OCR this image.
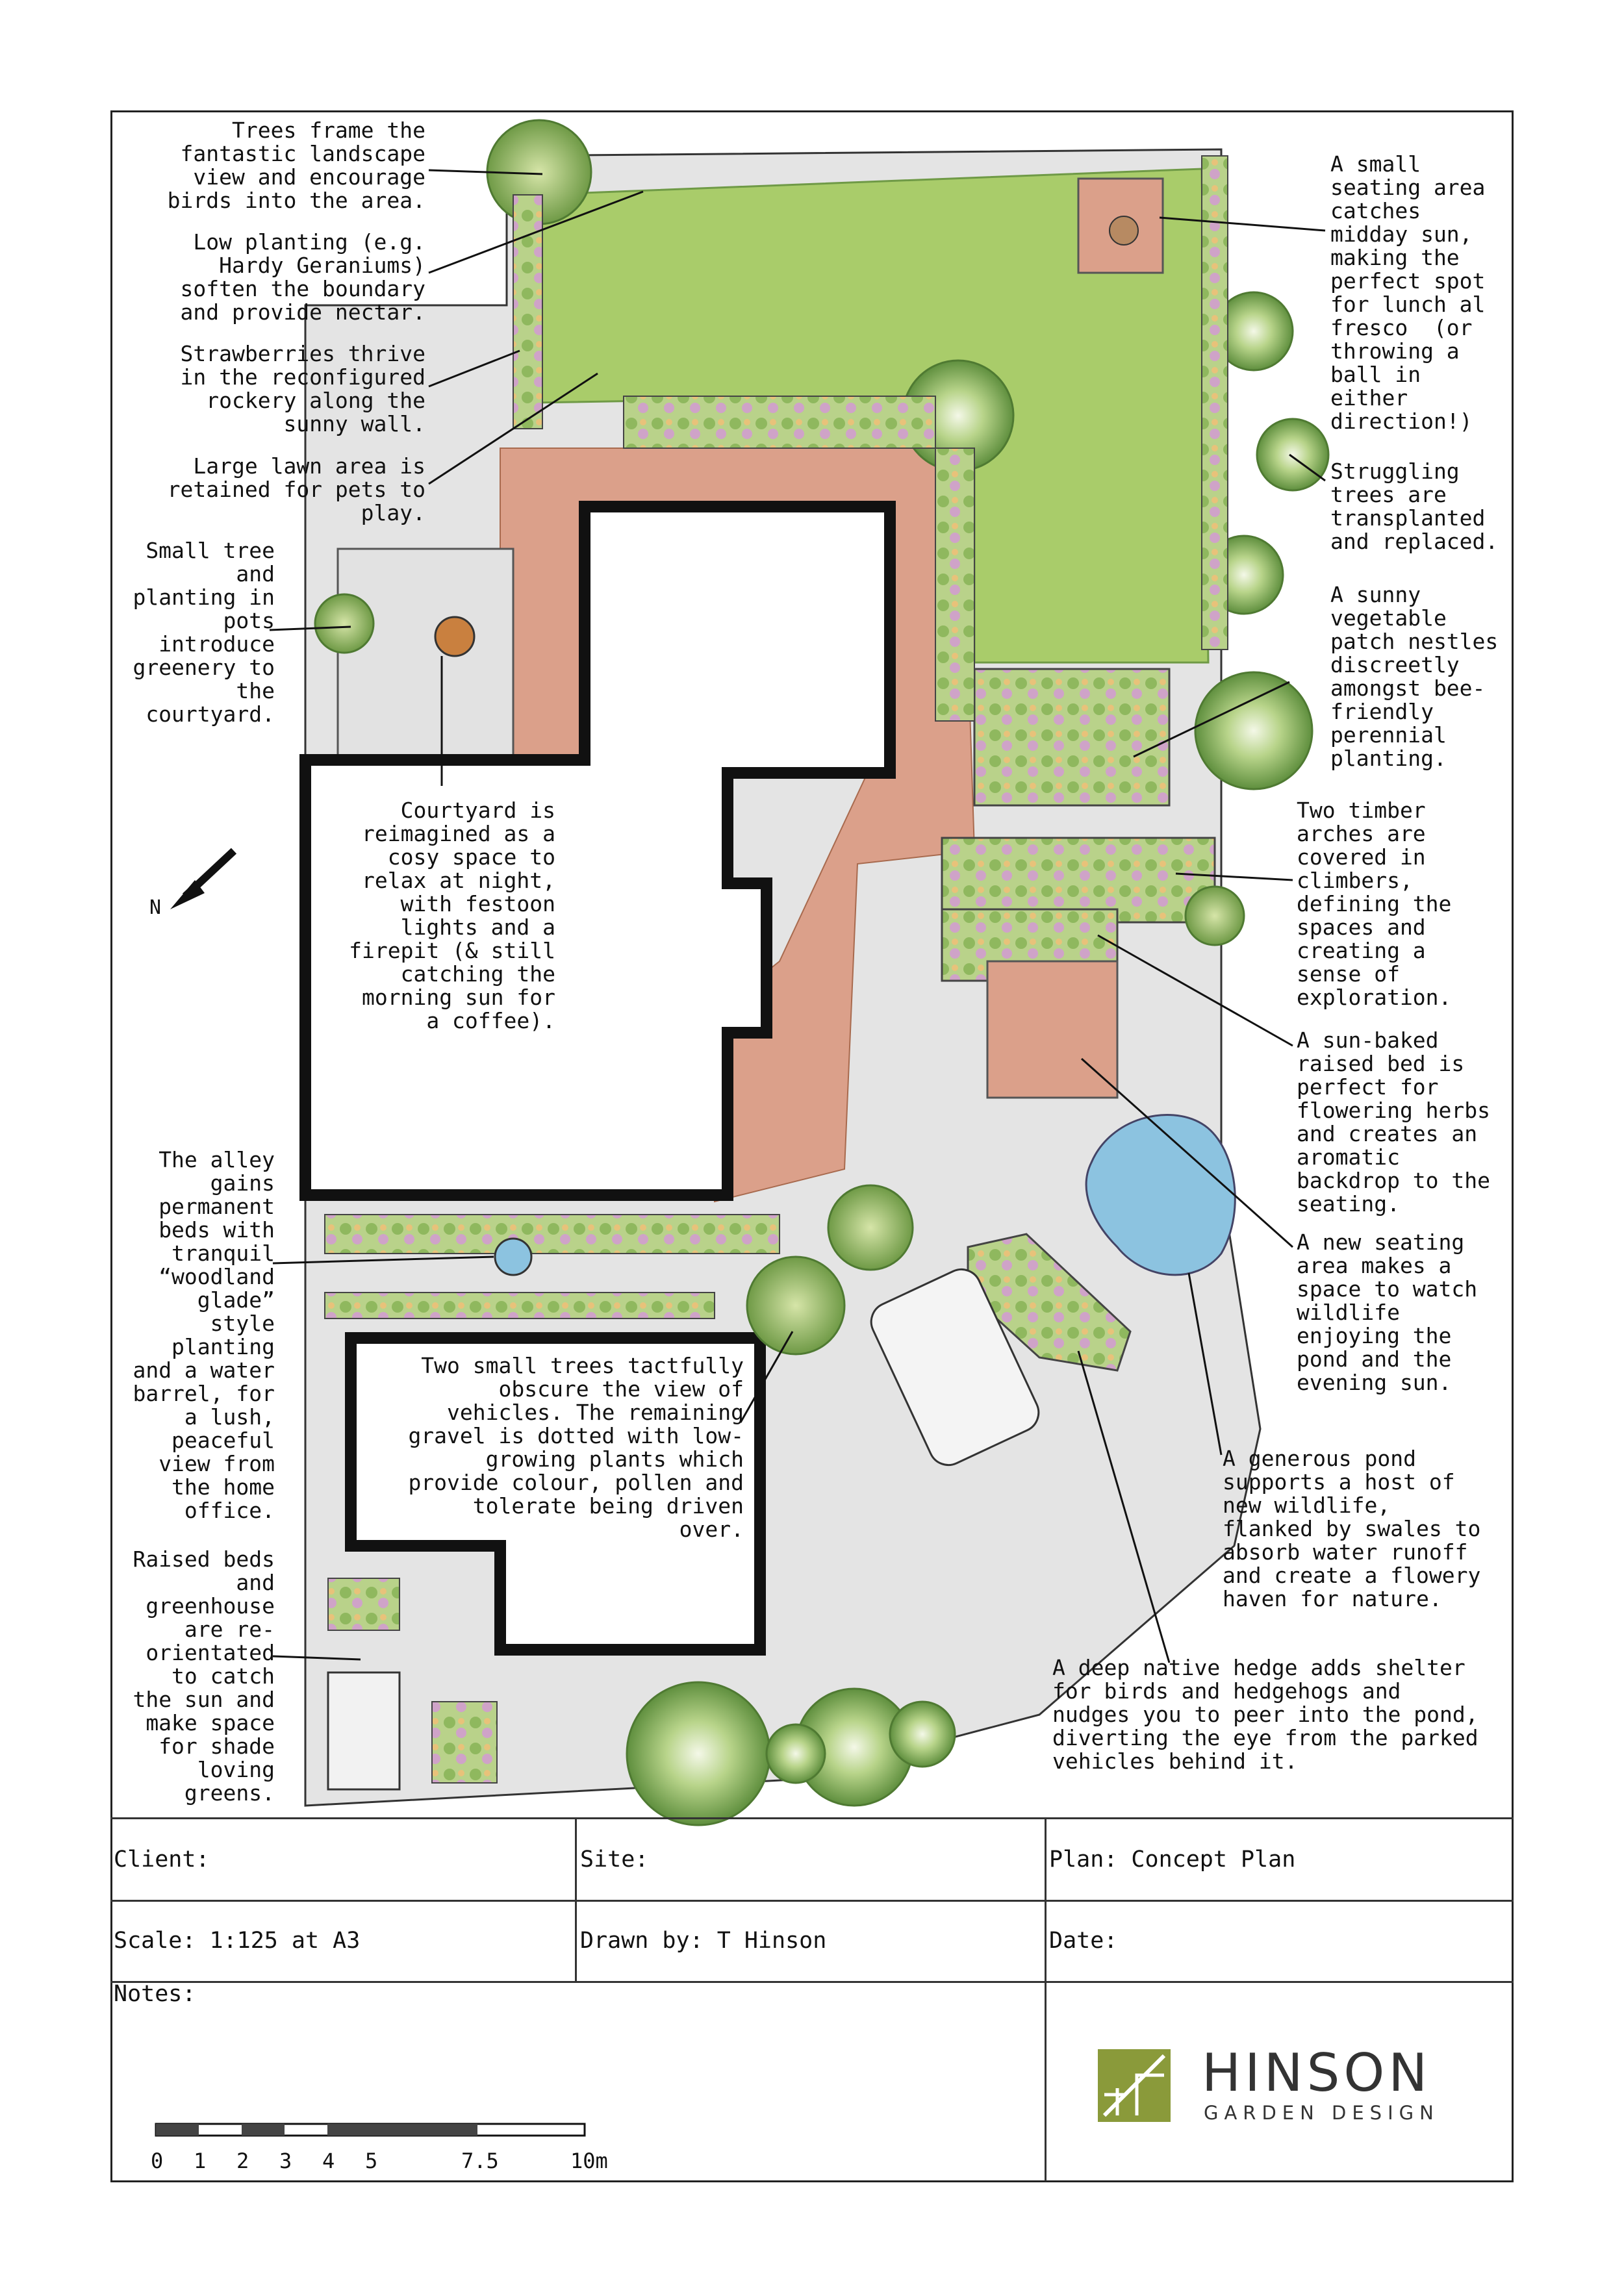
Trees frame the
fantastic landscape
view and encourage
birds into the area.
Low planting (e.g.
Hardy Geraniums)
soften the boundary
and provide nectar.
Strawberries thrive
in the reconfigured
rockery along the
sunny wall.
Large lawn area is
retained for pets to
play.
Small tree
and
planting in
pots
introduce
greenery to
the
courtyard.
Courtyard is
reimagined as a
cosy space to
relax at night,
with festoon
lights and a
firepit (& still
catching the
morning sun for
a coffee).
The alley
gains
permanent
beds with
tranquil
“woodland
glade”
style
planting
and a water
barrel, for
a lush,
peaceful
view from
the home
office.
Raised beds
and
greenhouse
are re-
orientated
to catch
the sun and
make space
for shade
loving
greens.
Two small trees tactfully
obscure the view of
vehicles. The remaining
gravel is dotted with low-
growing plants which
provide colour, pollen and
tolerate being driven
over.
A small
seating area
catches
midday sun,
making the
perfect spot
for lunch al
fresco  (or
throwing a
ball in
either
direction!)
Struggling
trees are
transplanted
and replaced.
A sunny
vegetable
patch nestles
discreetly
amongst bee-
friendly
perennial
planting.
Two timber
arches are
covered in
climbers,
defining the
spaces and
creating a
sense of
exploration.
A sun-baked
raised bed is
perfect for
flowering herbs
and creates an
aromatic
backdrop to the
seating.
A new seating
area makes a
space to watch
wildlife
enjoying the
pond and the
evening sun.
A generous pond
supports a host of
new wildlife,
flanked by swales to
absorb water runoff
and create a flowery
haven for nature.
A deep native hedge adds shelter
for birds and hedgehogs and
nudges you to peer into the pond,
diverting the eye from the parked
vehicles behind it.
N
Client:	Site:	Plan: Concept Plan
Scale: 1:125 at A3	Drawn by: T Hinson	Date:
Notes:
0 1 2 3 4 5	7.5	10m
HINSON
GARDEN DESIGN
